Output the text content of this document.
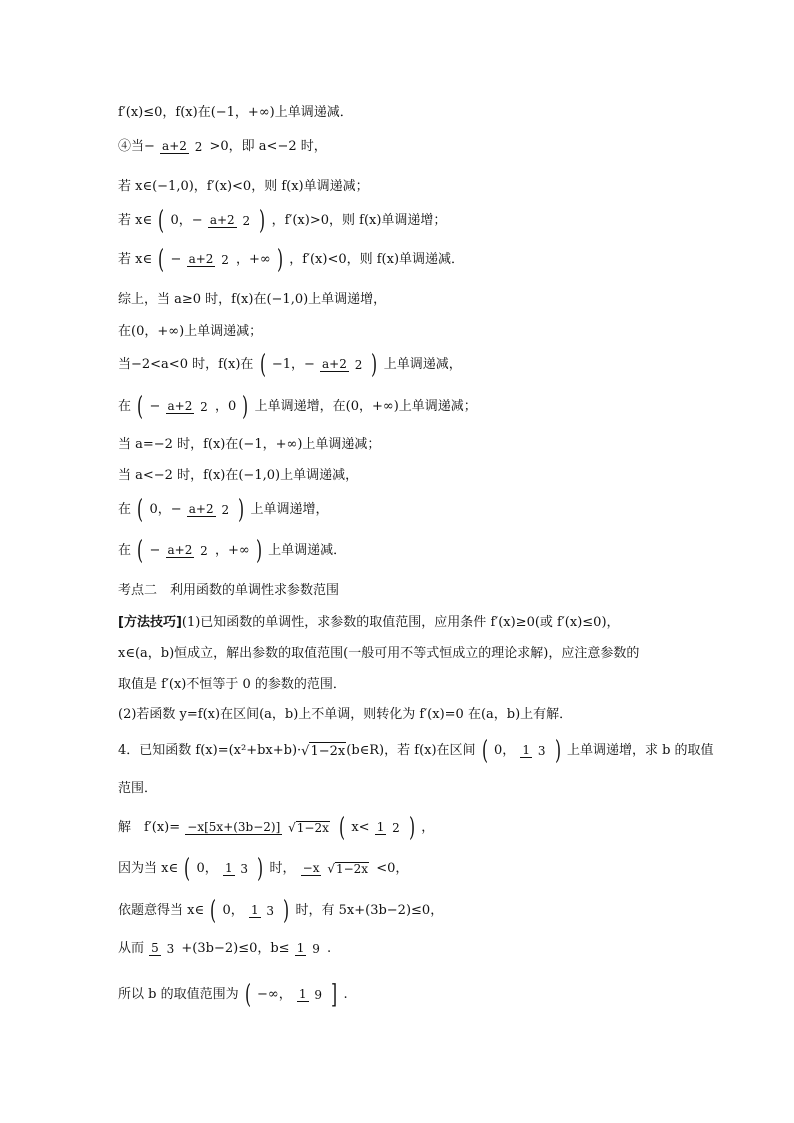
f′(x)≤0，f(x)在(−1，+∞)上单调递减．
④当− a+2 2 >0，即 a<−2 时，
若 x∈(−1,0)，f′(x)<0，则 f(x)单调递减；
若 x∈ ( 0，− a+2 2 ) ，f′(x)>0，则 f(x)单调递增；
若 x∈ ( − a+2 2 ，+∞ ) ，f′(x)<0，则 f(x)单调递减．
综上，当 a≥0 时，f(x)在(−1,0)上单调递增，
在(0，+∞)上单调递减；
当−2<a<0 时，f(x)在 ( −1，− a+2 2 ) 上单调递减，
在 ( − a+2 2 ，0 ) 上单调递增，在(0，+∞)上单调递减；
当 a=−2 时，f(x)在(−1，+∞)上单调递减；
当 a<−2 时，f(x)在(−1,0)上单调递减，
在 ( 0，− a+2 2 ) 上单调递增，
在 ( − a+2 2 ，+∞ ) 上单调递减．
考点二　利用函数的单调性求参数范围
[方法技巧](1)已知函数的单调性，求参数的取值范围，应用条件 f′(x)≥0(或 f′(x)≤0)，
x∈(a，b)恒成立，解出参数的取值范围(一般可用不等式恒成立的理论求解)，应注意参数的
取值是 f′(x)不恒等于 0 的参数的范围．
(2)若函数 y=f(x)在区间(a，b)上不单调，则转化为 f′(x)=0 在(a，b)上有解．
4．已知函数 f(x)=(x²+bx+b)·√1−2x(b∈R)，若 f(x)在区间 ( 0， 1 3 ) 上单调递增，求 b 的取值
范围．
解　f′(x)= −x[5x+(3b−2)] √1−2x ( x< 1 2 ) ，
因为当 x∈ ( 0， 1 3 ) 时， −x √1−2x <0，
依题意得当 x∈ ( 0， 1 3 ) 时，有 5x+(3b−2)≤0，
从而 5 3 +(3b−2)≤0，b≤ 1 9 .
所以 b 的取值范围为 ( −∞， 1 9 ] .
